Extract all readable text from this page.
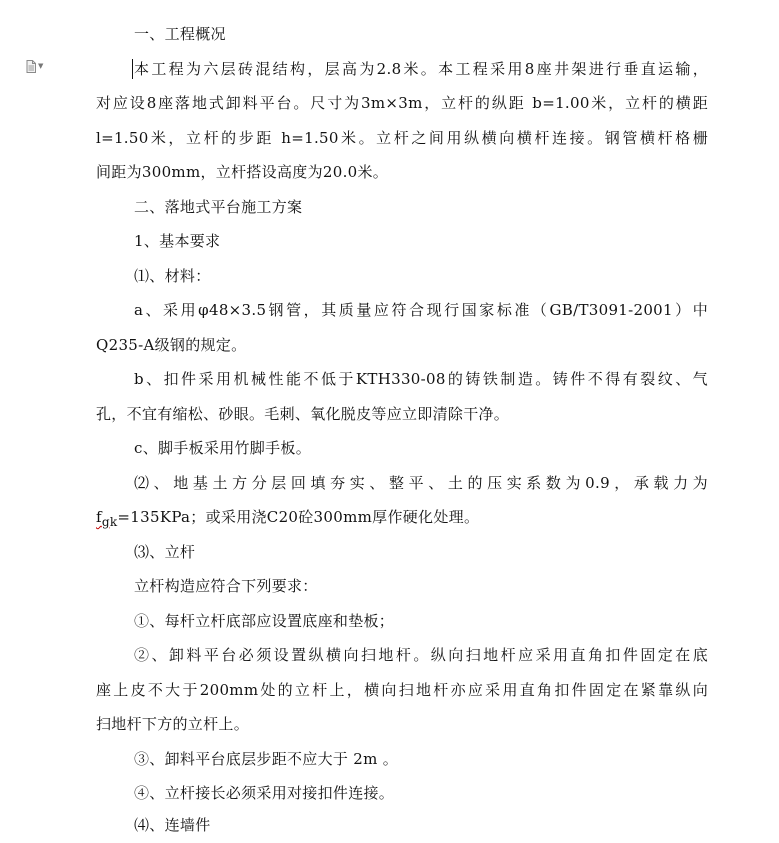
▼
一、工程概况
本工程为六层砖混结构，层高为2.8米。本工程采用8座井架进行垂直运输，
对应设8座落地式卸料平台。尺寸为3m×3m，立杆的纵距 b=1.00米，立杆的横距
l=1.50米，立杆的步距 h=1.50米。立杆之间用纵横向横杆连接。钢管横杆格栅
间距为300mm，立杆搭设高度为20.0米。
二、落地式平台施工方案
1、基本要求
⑴、材料：
a、采用φ48×3.5钢管，其质量应符合现行国家标准（GB/T3091-2001）中
Q235-A级钢的规定。
b、扣件采用机械性能不低于KTH330-08的铸铁制造。铸件不得有裂纹、气
孔，不宜有缩松、砂眼。毛刺、氧化脱皮等应立即清除干净。
c、脚手板采用竹脚手板。
⑵、地基土方分层回填夯实、整平、土的压实系数为0.9，承载力为
$f_{gk}=135KPa$；或采用浇C20砼300mm厚作硬化处理。
⑶、立杆
立杆构造应符合下列要求：
①、每杆立杆底部应设置底座和垫板；
②、卸料平台必须设置纵横向扫地杆。纵向扫地杆应采用直角扣件固定在底
座上皮不大于200mm处的立杆上，横向扫地杆亦应采用直角扣件固定在紧靠纵向
扫地杆下方的立杆上。
③、卸料平台底层步距不应大于 2m 。
④、立杆接长必须采用对接扣件连接。
⑷、连墙件
